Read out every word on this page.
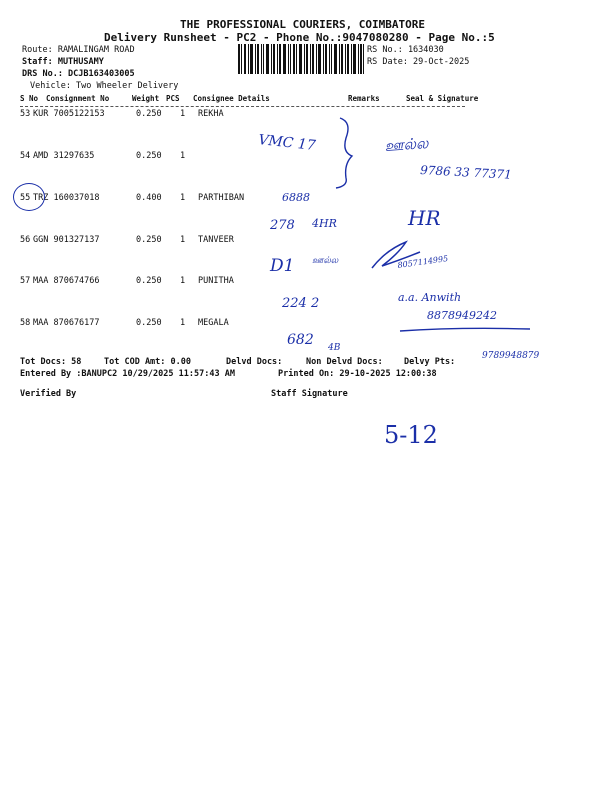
THE PROFESSIONAL COURIERS, COIMBATORE
Delivery Runsheet - PC2 - Phone No.:9047080280 - Page No.:5
Route: RAMALINGAM ROAD
Staff: MUTHUSAMY
DRS No.: DCJB163403005
Vehicle: Two Wheeler Delivery
RS No.: 1634030
RS Date: 29-Oct-2025
S No Consignment No	Weight PCS Consignee Details	Remarks	Seal & Signature
53 KUR 7005122153	0.250 1 REKHA
54 AMD 31297635	0.250 1
55 TRZ 160037018	0.400 1 PARTHIBAN
56 GGN 901327137	0.250 1 TANVEER
57 MAA 870674766	0.250 1 PUNITHA
58 MAA 870676177	0.250 1 MEGALA
Tot Docs: 58	Tot COD Amt: 0.00	Delvd Docs:	Non Delvd Docs: Delvy Pts:
Entered By :BANUPC2 10/29/2025 11:57:43 AM	Printed On: 29-10-2025 12:00:38
Verified By	Staff Signature
VMC 17	ஊல்ல
9786 33 77371
6888
278 4HR	HR
D1 ஊல்ல	8057114995
a.a. Anwith
224 2
8878949242
682 4B
9789948879
5-12
